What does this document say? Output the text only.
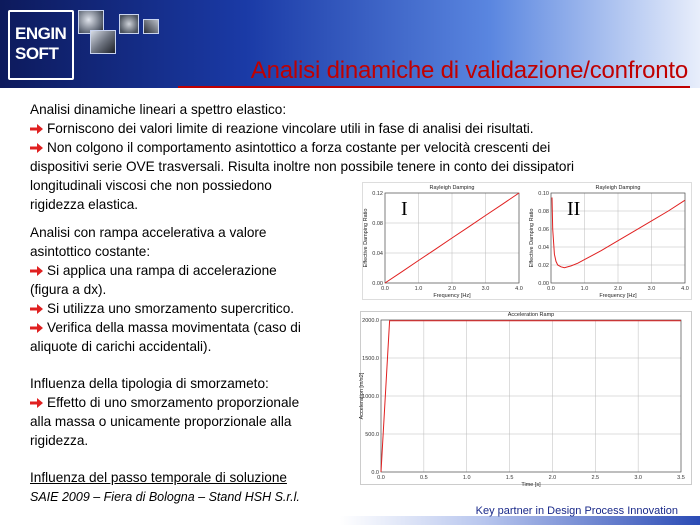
ENGIN
SOFT
Analisi dinamiche di validazione/confronto
Analisi dinamiche lineari a spettro elastico:
Forniscono dei valori limite di reazione vincolare utili in fase di analisi dei risultati.
Non colgono il comportamento asintottico a forza costante per velocità crescenti dei
dispositivi serie OVE trasversali. Risulta inoltre non possibile tenere in conto dei dissipatori
longitudinali viscosi che non possiedono
rigidezza elastica.
Analisi con rampa accelerativa a valore
asintottico costante:
Si applica una rampa di accelerazione
(figura a dx).
Si utilizza uno smorzamento supercritico.
Verifica della massa movimentata (caso di
aliquote di carichi accidentali).
Influenza della tipologia di smorzameto:
Effetto di uno smorzamento proporzionale
alla massa o unicamente proporzionale alla
rigidezza.
Influenza del passo temporale di soluzione
SAIE 2009 – Fiera di Bologna – Stand HSH S.r.l.
Key partner in Design Process Innovation
0.0	1.0	2.0	3.0	4.0
0.00
0.04
0.08
0.12
Rayleigh Damping
Frequency [Hz]
Effective Damping Ratio I
0.0	1.0	2.0	3.0	4.0
0.00
0.02
0.04
0.06
0.08
0.10
Rayleigh Damping
Frequency [Hz]
Effective Damping Ratio II
0.0	0.5	1.0	1.5	2.0	2.5	3.0	3.5
0.0
500.0
1000.0
1500.0
2000.0
Acceleration Ramp
Time [s]
Acceleration [m/s2]
